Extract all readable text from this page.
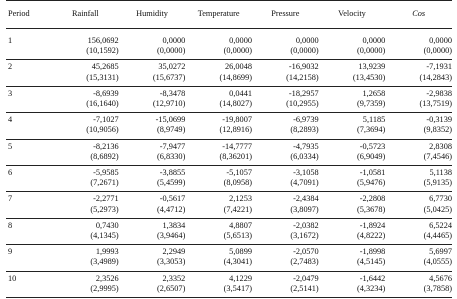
Period	Rainfall	Humidity	Temperature	Pressure	Velocity	Cos

1	156,0692	0,0000	0,0000	0,0000	0,0000	0,0000
	(10,1592)	(0,0000)	(0,0000)	(0,0000)	(0,0000)	(0,0000)
2	45,2685	35,0272	26,0048	-16,9032	13,9239	-7,1931
	(15,3131)	(15,6737)	(14,8699)	(14,2158)	(13,4530)	(14,2843)
3	-8,6939	-8,3478	0,0441	-18,2957	1,2658	-2,9838
	(16,1640)	(12,9710)	(14,8027)	(10,2955)	(9,7359)	(13,7519)
4	-7,1027	-15,0699	-19,8007	-6,9739	5,1185	-0,3139
	(10,9056)	(8,9749)	(12,8916)	(8,2893)	(7,3694)	(9,8352)
5	-8,2136	-7,9477	-14,7777	-4,7935	-0,5723	2,8308
	(8,6892)	(6,8330)	(8,36201)	(6,0334)	(6,9049)	(7,4546)
6	-5,9585	-3,8855	-5,1057	-3,1058	-1,0581	5,1138
	(7,2671)	(5,4599)	(8,0958)	(4,7091)	(5,9476)	(5,9135)
7	-2,2771	-0,5617	2,1253	-2,4384	-2,2808	6,7730
	(5,2973)	(4,4712)	(7,4221)	(3,8097)	(5,3678)	(5,0425)
8	0,7430	1,3834	4,8807	-2,0382	-1,8924	6,5224
	(4,1345)	(3,9464)	(5,6513)	(3,1672)	(4,8222)	(4,4465)
9	1,9993	2,2949	5,0899	-2,0570	-1,8998	5,6997
	(3,4989)	(3,3053)	(4,3041)	(2,7483)	(4,5145)	(4,0555)
10	2,3526	2,3352	4,1229	-2,0479	-1,6442	4,5676
	(2,9995)	(2,6507)	(3,5417)	(2,5141)	(4,3234)	(3,7858)
